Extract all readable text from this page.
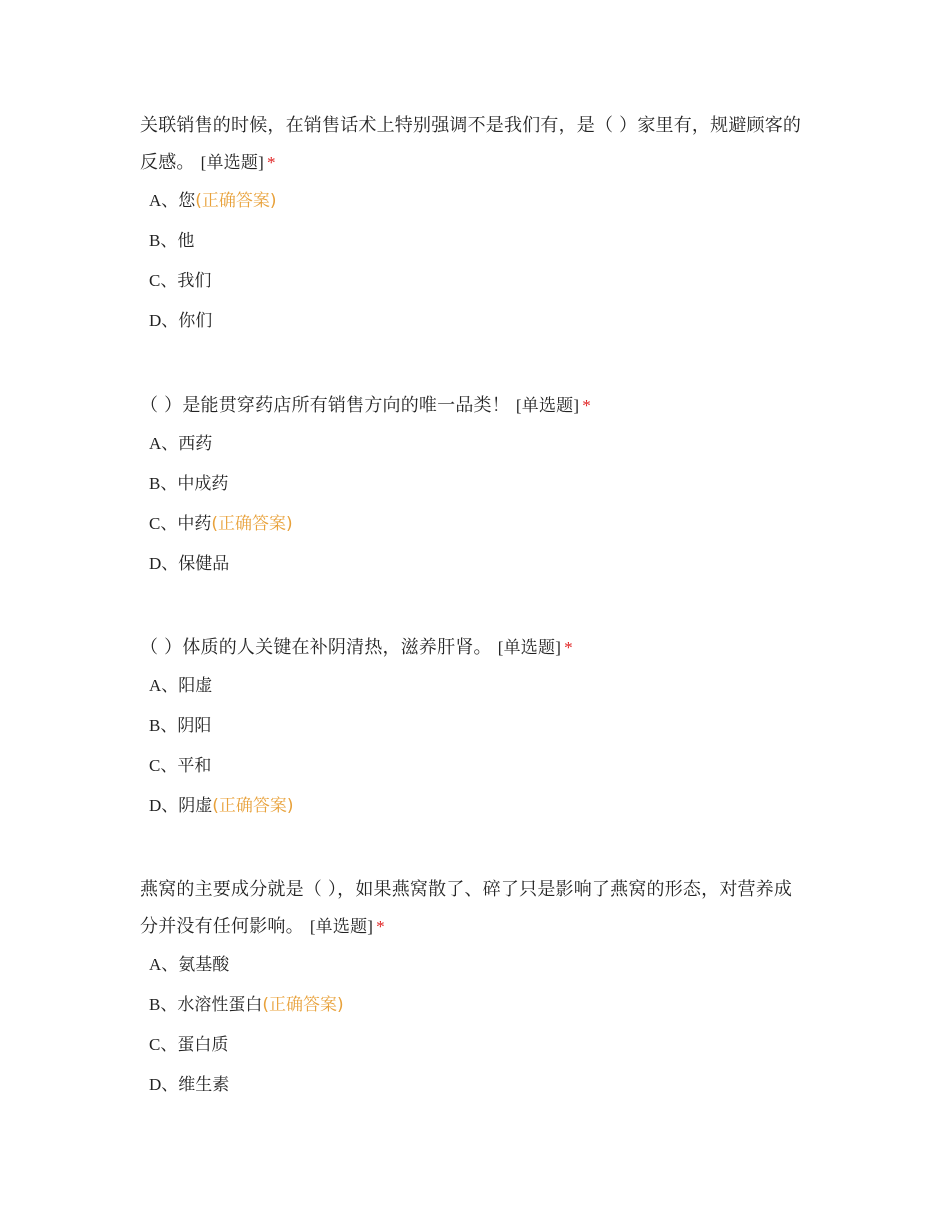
关联销售的时候，在销售话术上特别强调不是我们有，是（ ）家里有，规避顾客的反感。 [单选题] *

A、您(正确答案)
B、他
C、我们
D、你们

（ ）是能贯穿药店所有销售方向的唯一品类！ [单选题] *

A、西药
B、中成药
C、中药(正确答案)
D、保健品

（ ）体质的人关键在补阴清热，滋养肝肾。 [单选题] *

A、阳虚
B、阴阳
C、平和
D、阴虚(正确答案)

燕窝的主要成分就是（ ），如果燕窝散了、碎了只是影响了燕窝的形态，对营养成分并没有任何影响。 [单选题] *

A、氨基酸
B、水溶性蛋白(正确答案)
C、蛋白质
D、维生素
